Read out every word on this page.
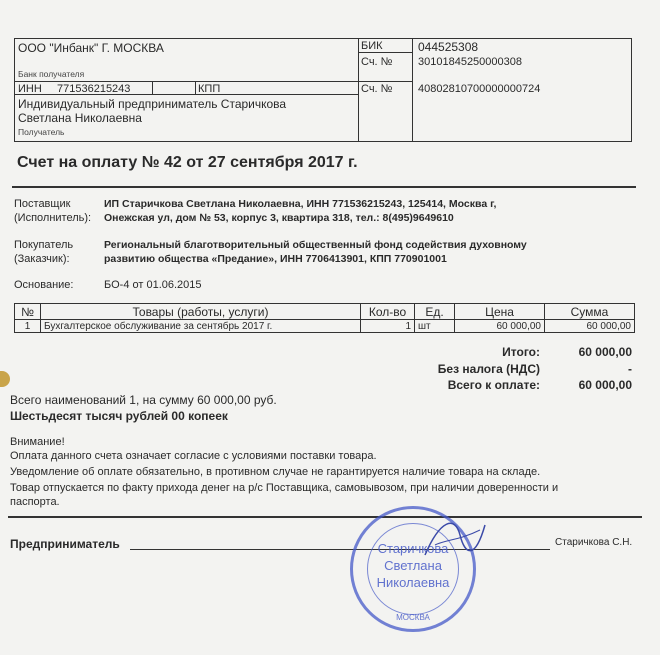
ООО "Инбанк" Г. МОСКВА
Банк получателя
БИК	044525308
Сч. № 30101845250000308
ИНН 771536215243	КПП	Сч. № 40802810700000000724
Индивидуальный предприниматель Старичкова
Светлана Николаевна
Получатель
Счет на оплату № 42 от 27 сентября 2017 г.
Поставщик
(Исполнитель):
ИП Старичкова Светлана Николаевна, ИНН 771536215243, 125414, Москва г,
Онежская ул, дом № 53, корпус 3, квартира 318, тел.: 8(495)9649610
Покупатель
(Заказчик):
Региональный благотворительный общественный фонд содействия духовному
развитию общества «Предание», ИНН 7706413901, КПП 770901001
Основание:	БО-4 от 01.06.2015
№	Товары (работы, услуги)	Кол-во	Ед.	Цена	Сумма
1	Бухгалтерское обслуживание за сентябрь 2017 г.	1	шт	60 000,00	60 000,00
Итого:	60 000,00
Без налога (НДС)	-
Всего к оплате:	60 000,00
Всего наименований 1, на сумму 60 000,00 руб.
Шестьдесят тысяч рублей 00 копеек
Внимание!
Оплата данного счета означает согласие с условиями поставки товара.
Уведомление об оплате обязательно, в противном случае не гарантируется наличие товара на складе.
Товар отпускается по факту прихода денег на р/с Поставщика, самовывозом, при наличии доверенности и
паспорта.
Предприниматель	Старичкова С.Н.
Старичкова
Светлана
Николаевна
МОСКВА
